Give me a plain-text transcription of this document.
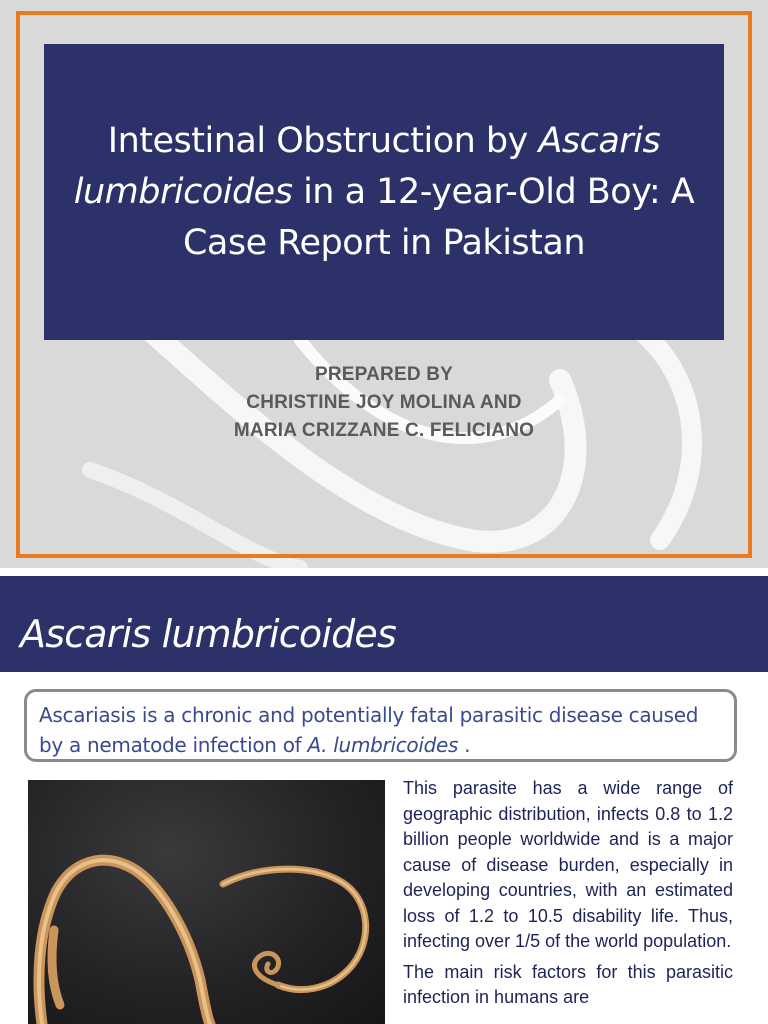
Intestinal Obstruction by Ascaris lumbricoides in a 12-year-Old Boy: A Case Report in Pakistan
PREPARED BY
CHRISTINE JOY MOLINA AND
MARIA CRIZZANE C. FELICIANO
Ascaris lumbricoides
Ascariasis is a chronic and potentially fatal parasitic disease caused by a nematode infection of A. lumbricoides .

This parasite has a wide range of geographic distribution, infects 0.8 to 1.2 billion people worldwide and is a major cause of disease burden, especially in developing countries, with an estimated loss of 1.2 to 10.5 disability life. Thus, infecting over 1/5 of the world population.

The main risk factors for this parasitic infection in humans are
